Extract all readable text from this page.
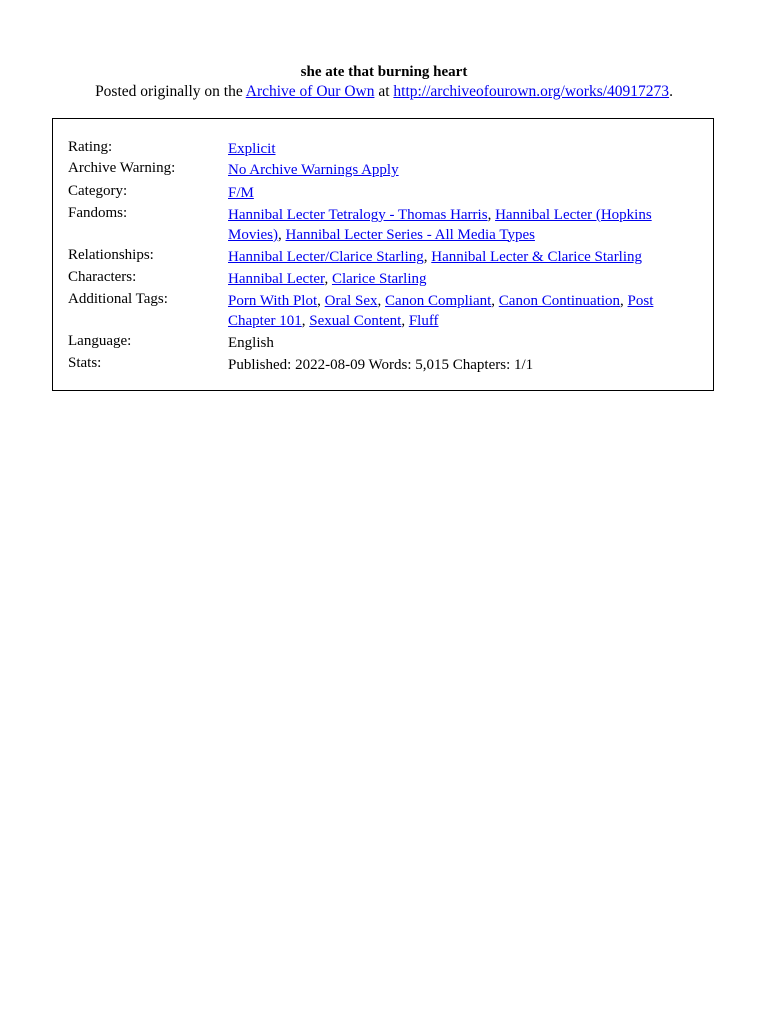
she ate that burning heart
Posted originally on the Archive of Our Own at http://archiveofourown.org/works/40917273.
Rating:	Explicit
Archive Warning:	No Archive Warnings Apply
Category:	F/M
Fandoms:	Hannibal Lecter Tetralogy - Thomas Harris, Hannibal Lecter (Hopkins Movies), Hannibal Lecter Series - All Media Types
Relationships:	Hannibal Lecter/Clarice Starling, Hannibal Lecter & Clarice Starling
Characters:	Hannibal Lecter, Clarice Starling
Additional Tags:	Porn With Plot, Oral Sex, Canon Compliant, Canon Continuation, Post Chapter 101, Sexual Content, Fluff
Language:	English
Stats:	Published: 2022-08-09 Words: 5,015 Chapters: 1/1
